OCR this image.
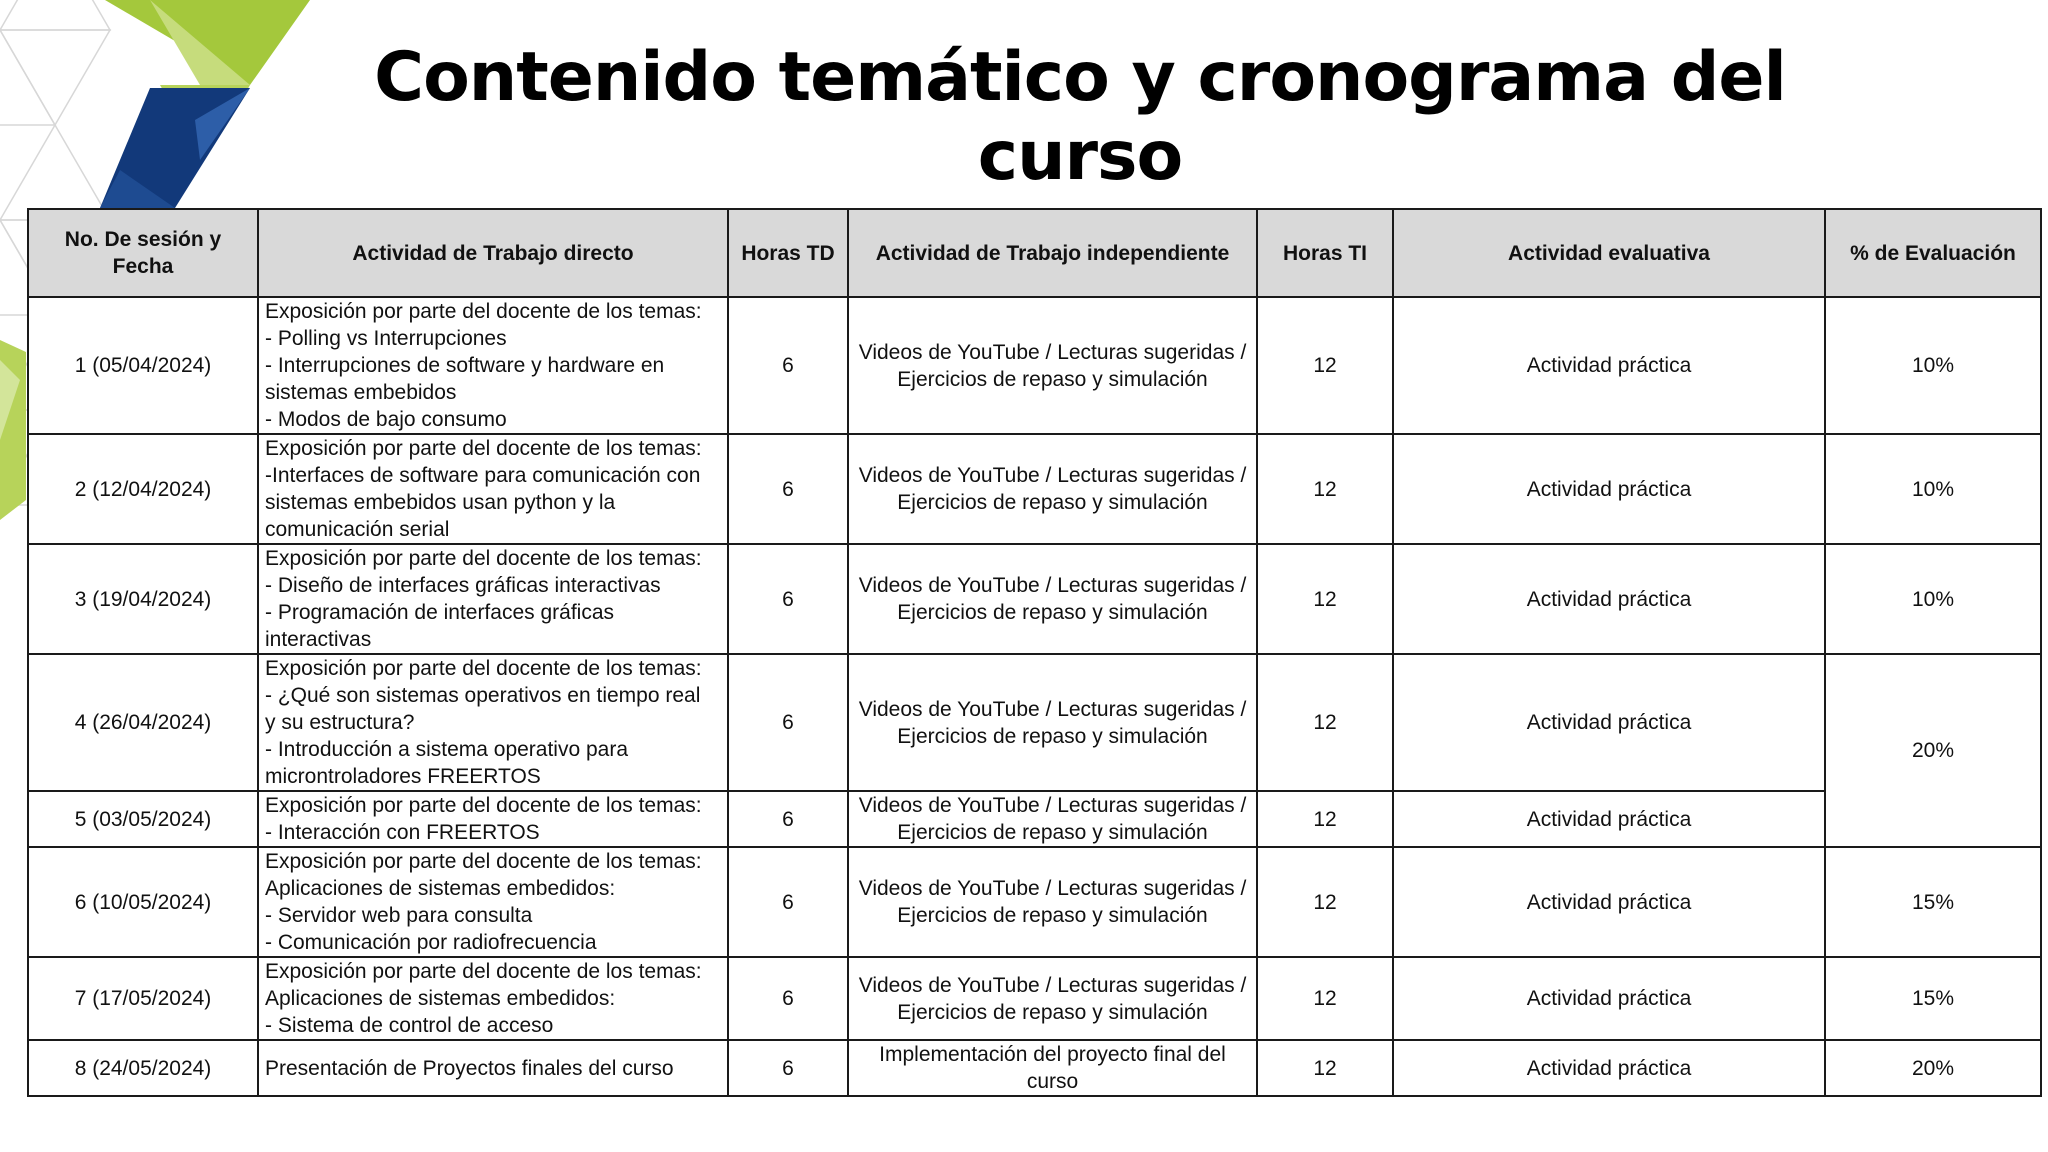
Contenido temático y cronograma del curso
No. De sesión y Fecha	Actividad de Trabajo directo	Horas TD	Actividad de Trabajo independiente	Horas TI	Actividad evaluativa	% de Evaluación
1 (05/04/2024)	Exposición por parte del docente de los temas:
- Polling vs Interrupciones
- Interrupciones de software y hardware en
sistemas embebidos
- Modos de bajo consumo	6	Videos de YouTube / Lecturas sugeridas / Ejercicios de repaso y simulación	12	Actividad práctica	10%
2 (12/04/2024)	Exposición por parte del docente de los temas:
-Interfaces de software para comunicación con
sistemas embebidos usan python y la
comunicación serial	6	Videos de YouTube / Lecturas sugeridas / Ejercicios de repaso y simulación	12	Actividad práctica	10%
3 (19/04/2024)	Exposición por parte del docente de los temas:
- Diseño de interfaces gráficas interactivas
- Programación de interfaces gráficas
interactivas	6	Videos de YouTube / Lecturas sugeridas / Ejercicios de repaso y simulación	12	Actividad práctica	10%
4 (26/04/2024)	Exposición por parte del docente de los temas:
- ¿Qué son sistemas operativos en tiempo real
y su estructura?
- Introducción a sistema operativo para
microntroladores FREERTOS	6	Videos de YouTube / Lecturas sugeridas / Ejercicios de repaso y simulación	12	Actividad práctica	20%
5 (03/05/2024)	Exposición por parte del docente de los temas:
- Interacción con FREERTOS	6	Videos de YouTube / Lecturas sugeridas / Ejercicios de repaso y simulación	12	Actividad práctica	
6 (10/05/2024)	Exposición por parte del docente de los temas:
Aplicaciones de sistemas embedidos:
- Servidor web para consulta
- Comunicación por radiofrecuencia	6	Videos de YouTube / Lecturas sugeridas / Ejercicios de repaso y simulación	12	Actividad práctica	15%
7 (17/05/2024)	Exposición por parte del docente de los temas:
Aplicaciones de sistemas embedidos:
- Sistema de control de acceso	6	Videos de YouTube / Lecturas sugeridas / Ejercicios de repaso y simulación	12	Actividad práctica	15%
8 (24/05/2024)	Presentación de Proyectos finales del curso	6	Implementación del proyecto final del curso	12	Actividad práctica	20%
